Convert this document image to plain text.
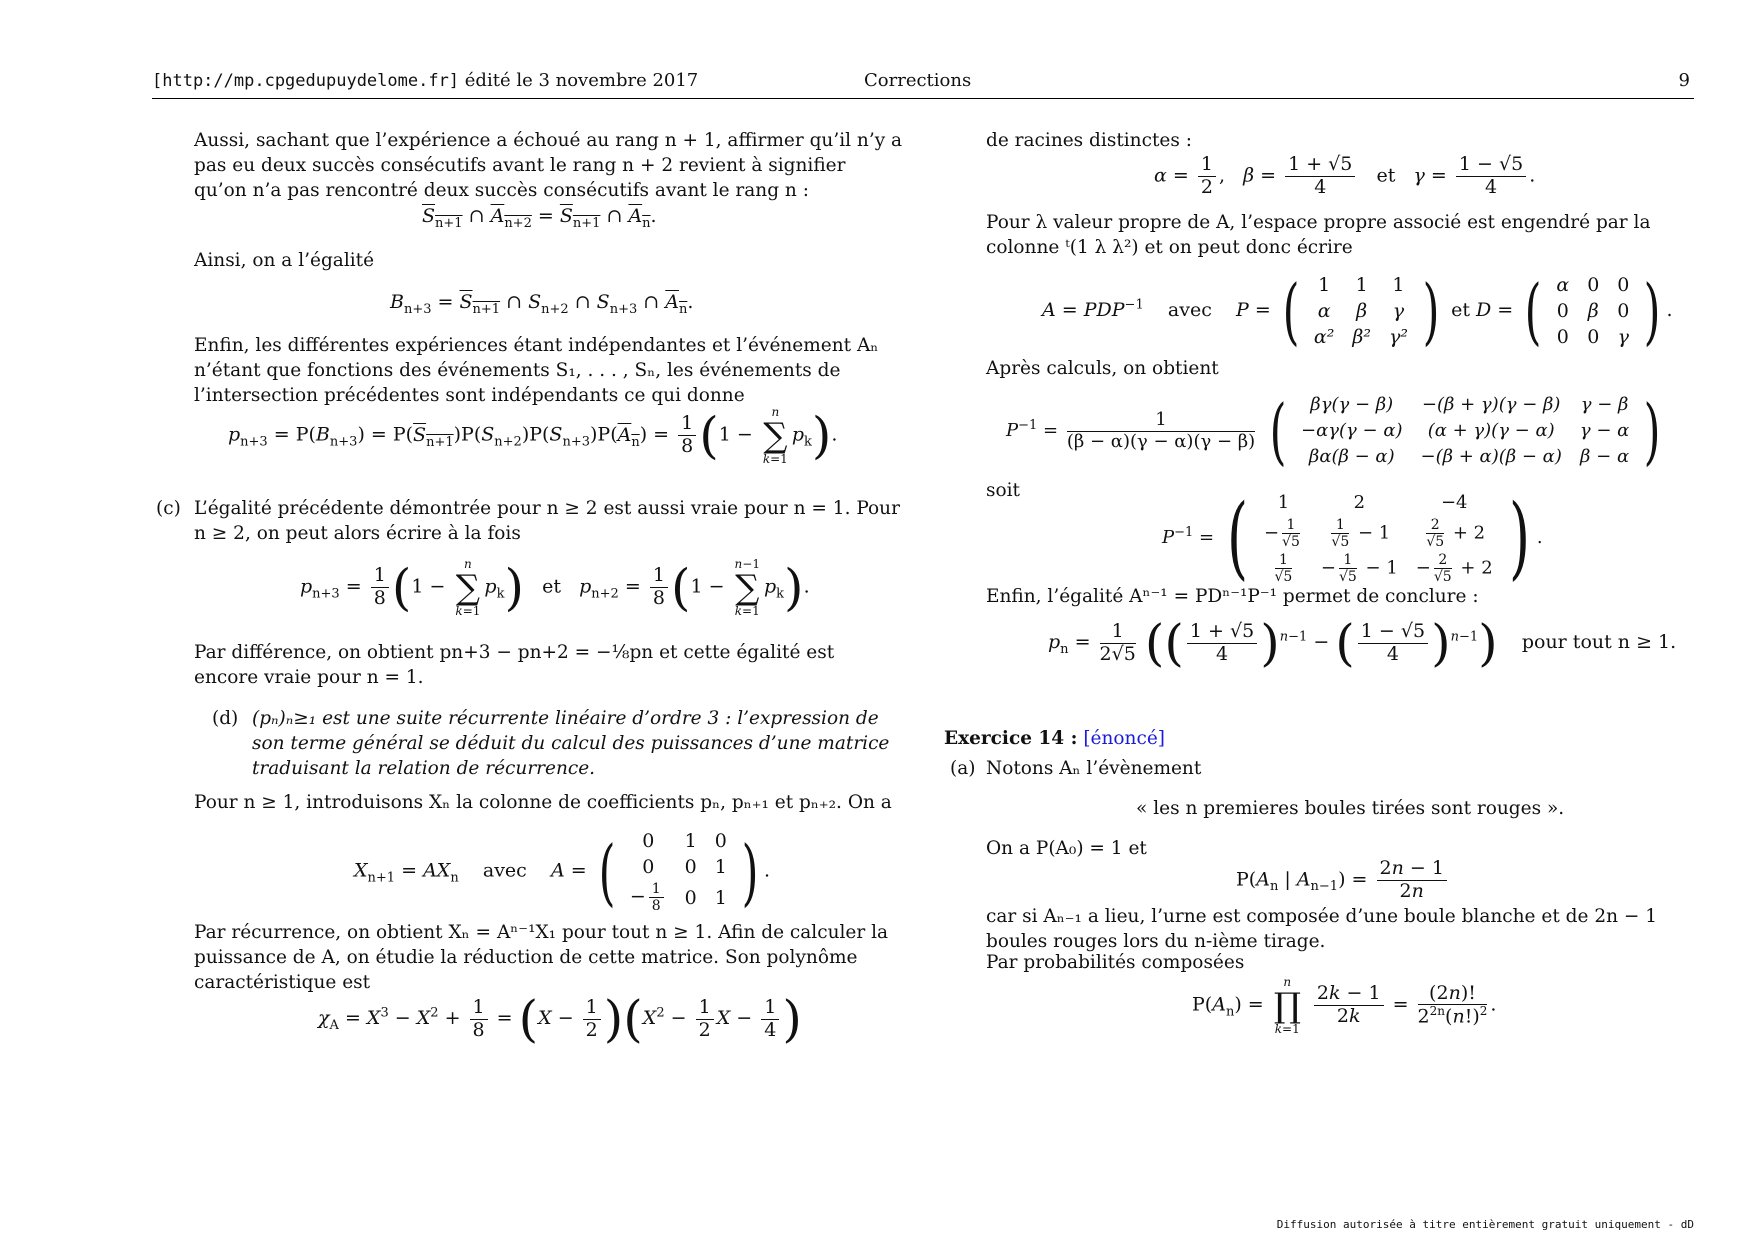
[http://mp.cpgedupuydelome.fr] édité le 3 novembre 2017	Corrections	9
Aussi, sachant que l’expérience a échoué au rang n + 1, affirmer qu’il n’y a pas eu deux succès consécutifs avant le rang n + 2 revient à signifier qu’on n’a pas rencontré deux succès consécutifs avant le rang n :
$S_{n+1}$ ∩ $A_{n+2} = S_{n+1}$ ∩ $A_n$.
Ainsi, on a l’égalité
$B_{n+3} = S_{n+1}$ ∩ $S_{n+2}$ ∩ $S_{n+3}$ ∩ $A_n$.
Enfin, les différentes expériences étant indépendantes et l’événement Aₙ n’étant que fonctions des événements S₁, . . . , Sₙ, les événements de l’intersection précédentes sont indépendants ce qui donne
$p_{n+3} = P(B_{n+3}) = P(S_{n+1})P(S_{n+2})P(S_{n+3})P(A_n) = \frac{1}{8} (1$ −
n
∑
k=1
$p_k$).
(c) L’égalité précédente démontrée pour n ≥ 2 est aussi vraie pour n = 1. Pour n ≥ 2, on peut alors écrire à la fois
$p_{n+3} = \frac{1}{8} (1$ −
n
∑
k=1
$p_k$) et $p_{n+2} = \frac{1}{8} (1$ −
n−1
∑
k=1
$p_k$).
Par différence, on obtient pn+3 − pn+2 = −⅛pn et cette égalité est encore vraie pour n = 1.
(d) (pₙ)ₙ≥₁ est une suite récurrente linéaire d’ordre 3 : l’expression de son terme général se déduit du calcul des puissances d’une matrice traduisant la relation de récurrence.
Pour n ≥ 1, introduisons Xₙ la colonne de coefficients pₙ, pₙ₊₁ et pₙ₊₂. On a
$X_{n+1} = AX_n$ avec A = ( 0	1	0
0	0	1
− $\frac{1}{8}$	0	1 ) .
Par récurrence, on obtient Xₙ = Aⁿ⁻¹X₁ pour tout n ≥ 1. Afin de calculer la puissance de A, on étudie la réduction de cette matrice. Son polynôme caractéristique est
$\chi_A = X^3 - X^2 + \frac{1}{8} = (X - \frac{1}{2} )(X^2 - \frac{1}{2}$ $X - \frac{1}{4}$ )
de racines distinctes :
$\alpha = \frac{1}{2}$ ,   $\beta = \frac{1 + √5}{4}$ et $\gamma = \frac{1 - √5}{4}$ .
Pour λ valeur propre de A, l’espace propre associé est engendré par la colonne ᵗ(1 λ λ²) et on peut donc écrire
$A = PDP^{-1}$ avec P = ( 1	1	1
α	β	γ
α²	β²	γ² ) et D = ( α	0	0
0	β	0
0	0	γ ) .
Après calculs, on obtient
$P^{-1} = \frac{1}{(\beta - \alpha)(\gamma - \alpha)(\gamma - \beta)}$
( βγ(γ − β)	−(β + γ)(γ − β)	γ − β
−αγ(γ − α)	(α + γ)(γ − α)	γ − α
βα(β − α)	−(β + α)(β − α)	β − α )
soit
$P^{-1}$ = ( 1	2	−4
− $\frac{1}{√5}$	$\frac{1}{√5} - 1$	$\frac{2}{√5} + 2$

$\frac{1}{√5}$	− $\frac{1}{√5} - 1$	− $\frac{2}{√5} + 2$ ) .
Enfin, l’égalité Aⁿ⁻¹ = PDⁿ⁻¹P⁻¹ permet de conclure :
$p_n = \frac{1}{2√5}$ (( $\frac{1 + √5}{4} )^{n-1}$ − ( $\frac{1 - √5}{4} )^{n-1}$) pour tout n ≥ 1.
Exercice 14 : [énoncé]
(a) Notons Aₙ l’évènement
« les n premieres boules tirées sont rouges ».
On a P(A₀) = 1 et
$P(A_n$ | $A_{n-1}) = \frac{2n - 1}{2n}$
car si Aₙ₋₁ a lieu, l’urne est composée d’une boule blanche et de 2n − 1 boules rouges lors du n-ième tirage.
Par probabilités composées
$P(A_n)$ =
n
∏
k=1

$\frac{2k - 1}{2k} = \frac{(2n)!}{2^{2n}(n!)^2}$ .
Diffusion autorisée à titre entièrement gratuit uniquement - dD
